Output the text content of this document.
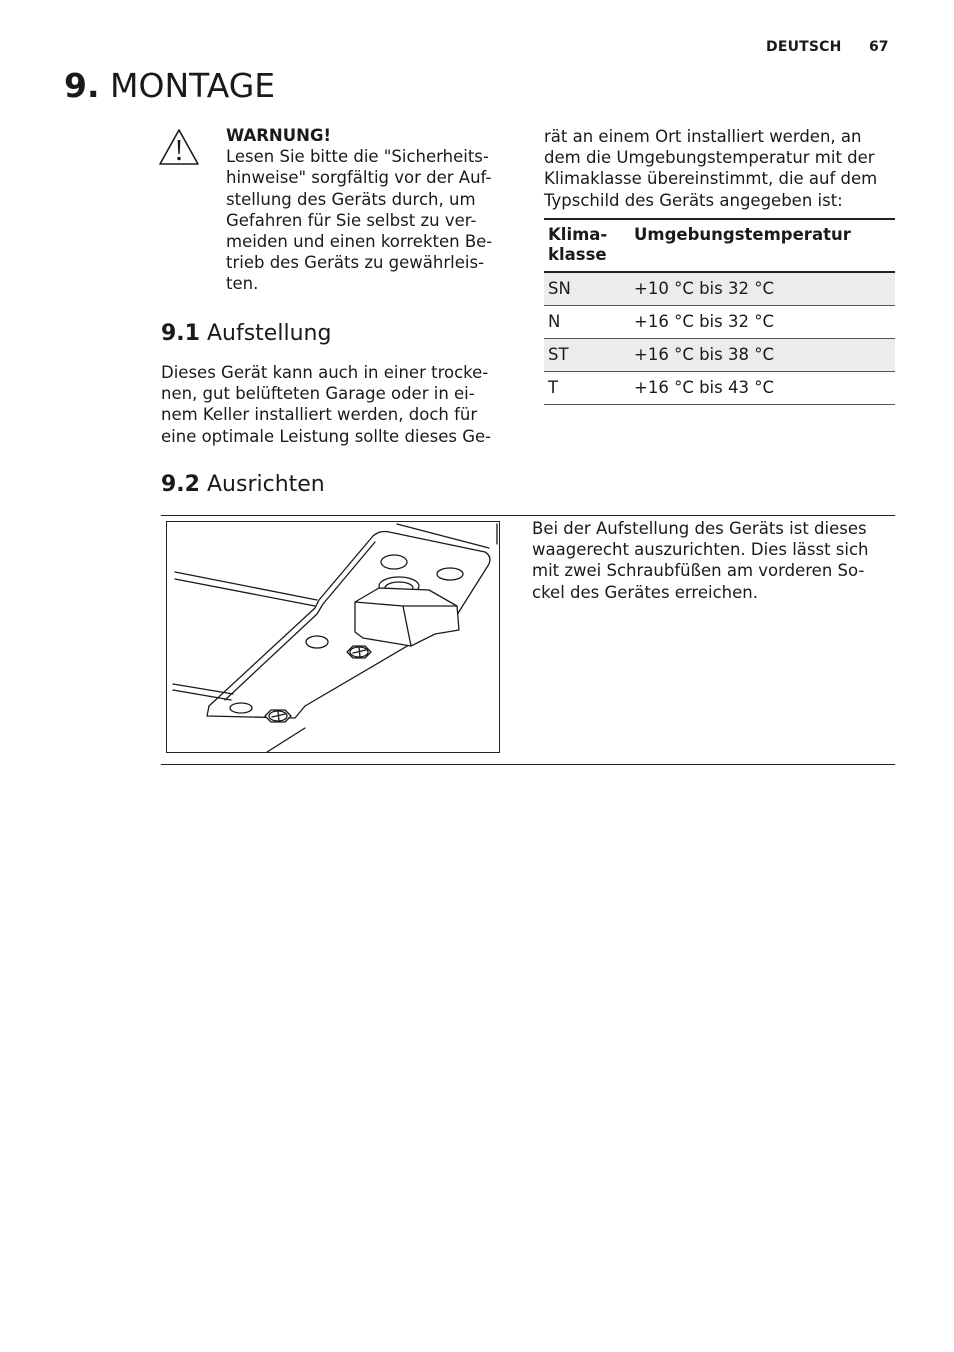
DEUTSCH 67
9. MONTAGE
WARNUNG!
Lesen Sie bitte die "Sicherheits-
hinweise" sorgfältig vor der Auf-
stellung des Geräts durch, um
Gefahren für Sie selbst zu ver-
meiden und einen korrekten Be-
trieb des Geräts zu gewährleis-
ten.
9.1 Aufstellung
Dieses Gerät kann auch in einer trocke-
nen, gut belüfteten Garage oder in ei-
nem Keller installiert werden, doch für
eine optimale Leistung sollte dieses Ge-
rät an einem Ort installiert werden, an
dem die Umgebungstemperatur mit der
Klimaklasse übereinstimmt, die auf dem
Typschild des Geräts angegeben ist:
Klima-
klasse	Umgebungstemperatur
SN	+10 °C bis 32 °C
N	+16 °C bis 32 °C
ST	+16 °C bis 38 °C
T	+16 °C bis 43 °C
9.2 Ausrichten
Bei der Aufstellung des Geräts ist dieses
waagerecht auszurichten. Dies lässt sich
mit zwei Schraubfüßen am vorderen So-
ckel des Gerätes erreichen.
